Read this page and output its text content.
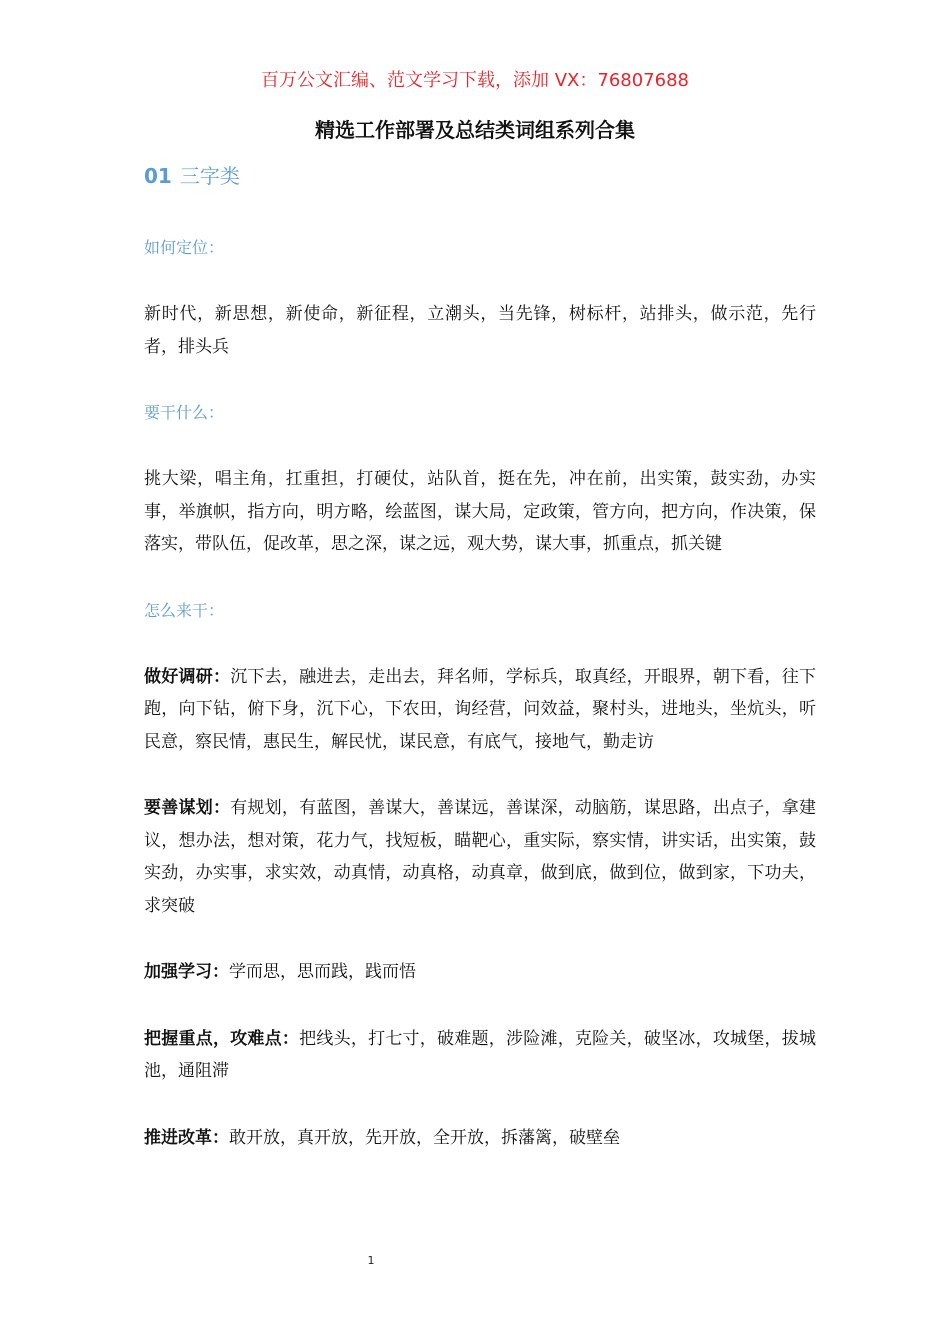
百万公文汇编、范文学习下载，添加 VX：76807688
精选工作部署及总结类词组系列合集
01 三字类
如何定位：

新时代，新思想，新使命，新征程，立潮头，当先锋，树标杆，站排头，做示范，先行者，排头兵

要干什么：

挑大梁，唱主角，扛重担，打硬仗，站队首，挺在先，冲在前，出实策，鼓实劲，办实事，举旗帜，指方向，明方略，绘蓝图，谋大局，定政策，管方向，把方向，作决策，保落实，带队伍，促改革，思之深，谋之远，观大势，谋大事，抓重点，抓关键

怎么来干：

做好调研：沉下去，融进去，走出去，拜名师，学标兵，取真经，开眼界，朝下看，往下跑，向下钻，俯下身，沉下心，下农田，询经营，问效益，聚村头，进地头，坐炕头，听民意，察民情，惠民生，解民忧，谋民意，有底气，接地气，勤走访

要善谋划：有规划，有蓝图，善谋大，善谋远，善谋深，动脑筋，谋思路，出点子，拿建议，想办法，想对策，花力气，找短板，瞄靶心，重实际，察实情，讲实话，出实策，鼓实劲，办实事，求实效，动真情，动真格，动真章，做到底，做到位，做到家，下功夫，求突破

加强学习：学而思，思而践，践而悟

把握重点，攻难点：把线头，打七寸，破难题，涉险滩，克险关，破坚冰，攻城堡，拔城池，通阻滞

推进改革：敢开放，真开放，先开放，全开放，拆藩篱，破壁垒

1
